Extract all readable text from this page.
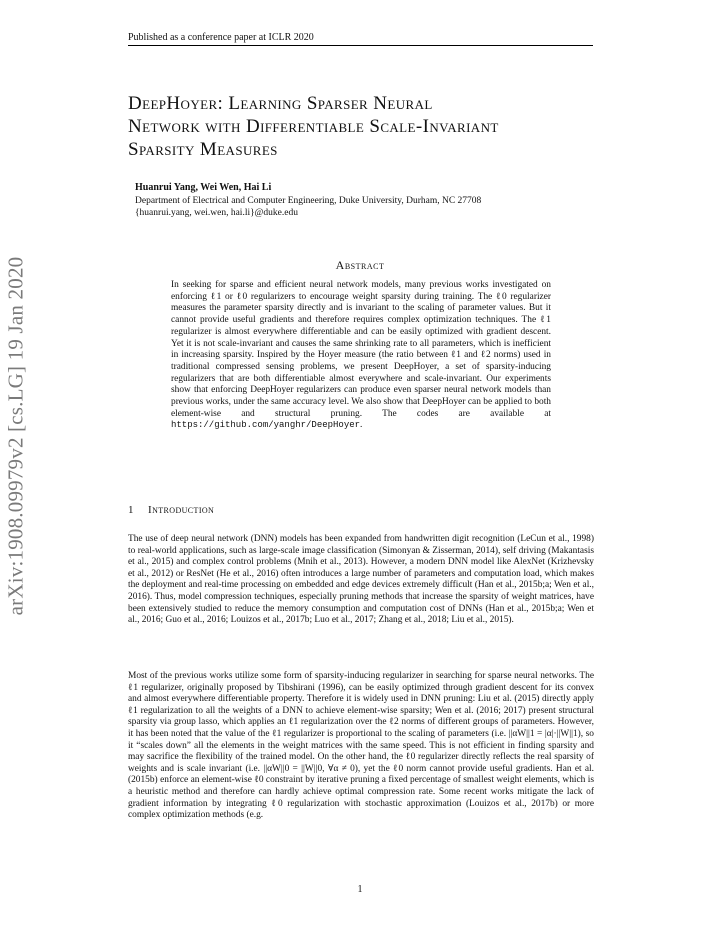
Published as a conference paper at ICLR 2020
arXiv:1908.09979v2 [cs.LG] 19 Jan 2020
DeepHoyer: Learning Sparser Neural
Network with Differentiable Scale-Invariant
Sparsity Measures
Huanrui Yang, Wei Wen, Hai Li
Department of Electrical and Computer Engineering, Duke University, Durham, NC 27708
{huanrui.yang, wei.wen, hai.li}@duke.edu
Abstract
In seeking for sparse and efficient neural network models, many previous works investigated on enforcing ℓ1 or ℓ0 regularizers to encourage weight sparsity during training. The ℓ0 regularizer measures the parameter sparsity directly and is invariant to the scaling of parameter values. But it cannot provide useful gradients and therefore requires complex optimization techniques. The ℓ1 regularizer is almost everywhere differentiable and can be easily optimized with gradient descent. Yet it is not scale-invariant and causes the same shrinking rate to all parameters, which is inefficient in increasing sparsity. Inspired by the Hoyer measure (the ratio between ℓ1 and ℓ2 norms) used in traditional compressed sensing problems, we present DeepHoyer, a set of sparsity-inducing regularizers that are both differentiable almost everywhere and scale-invariant. Our experiments show that enforcing DeepHoyer regularizers can produce even sparser neural network models than previous works, under the same accuracy level. We also show that DeepHoyer can be applied to both element-wise and structural pruning. The codes are available at https://github.com/yanghr/DeepHoyer.
1 Introduction
The use of deep neural network (DNN) models has been expanded from handwritten digit recognition (LeCun et al., 1998) to real-world applications, such as large-scale image classification (Simonyan & Zisserman, 2014), self driving (Makantasis et al., 2015) and complex control problems (Mnih et al., 2013). However, a modern DNN model like AlexNet (Krizhevsky et al., 2012) or ResNet (He et al., 2016) often introduces a large number of parameters and computation load, which makes the deployment and real-time processing on embedded and edge devices extremely difficult (Han et al., 2015b;a; Wen et al., 2016). Thus, model compression techniques, especially pruning methods that increase the sparsity of weight matrices, have been extensively studied to reduce the memory consumption and computation cost of DNNs (Han et al., 2015b;a; Wen et al., 2016; Guo et al., 2016; Louizos et al., 2017b; Luo et al., 2017; Zhang et al., 2018; Liu et al., 2015).
Most of the previous works utilize some form of sparsity-inducing regularizer in searching for sparse neural networks. The ℓ1 regularizer, originally proposed by Tibshirani (1996), can be easily optimized through gradient descent for its convex and almost everywhere differentiable property. Therefore it is widely used in DNN pruning: Liu et al. (2015) directly apply ℓ1 regularization to all the weights of a DNN to achieve element-wise sparsity; Wen et al. (2016; 2017) present structural sparsity via group lasso, which applies an ℓ1 regularization over the ℓ2 norms of different groups of parameters. However, it has been noted that the value of the ℓ1 regularizer is proportional to the scaling of parameters (i.e. ||αW||1 = |α|·||W||1), so it “scales down” all the elements in the weight matrices with the same speed. This is not efficient in finding sparsity and may sacrifice the flexibility of the trained model. On the other hand, the ℓ0 regularizer directly reflects the real sparsity of weights and is scale invariant (i.e. ||αW||0 = ||W||0, ∀α ≠ 0), yet the ℓ0 norm cannot provide useful gradients. Han et al. (2015b) enforce an element-wise ℓ0 constraint by iterative pruning a fixed percentage of smallest weight elements, which is a heuristic method and therefore can hardly achieve optimal compression rate. Some recent works mitigate the lack of gradient information by integrating ℓ0 regularization with stochastic approximation (Louizos et al., 2017b) or more complex optimization methods (e.g.
1
